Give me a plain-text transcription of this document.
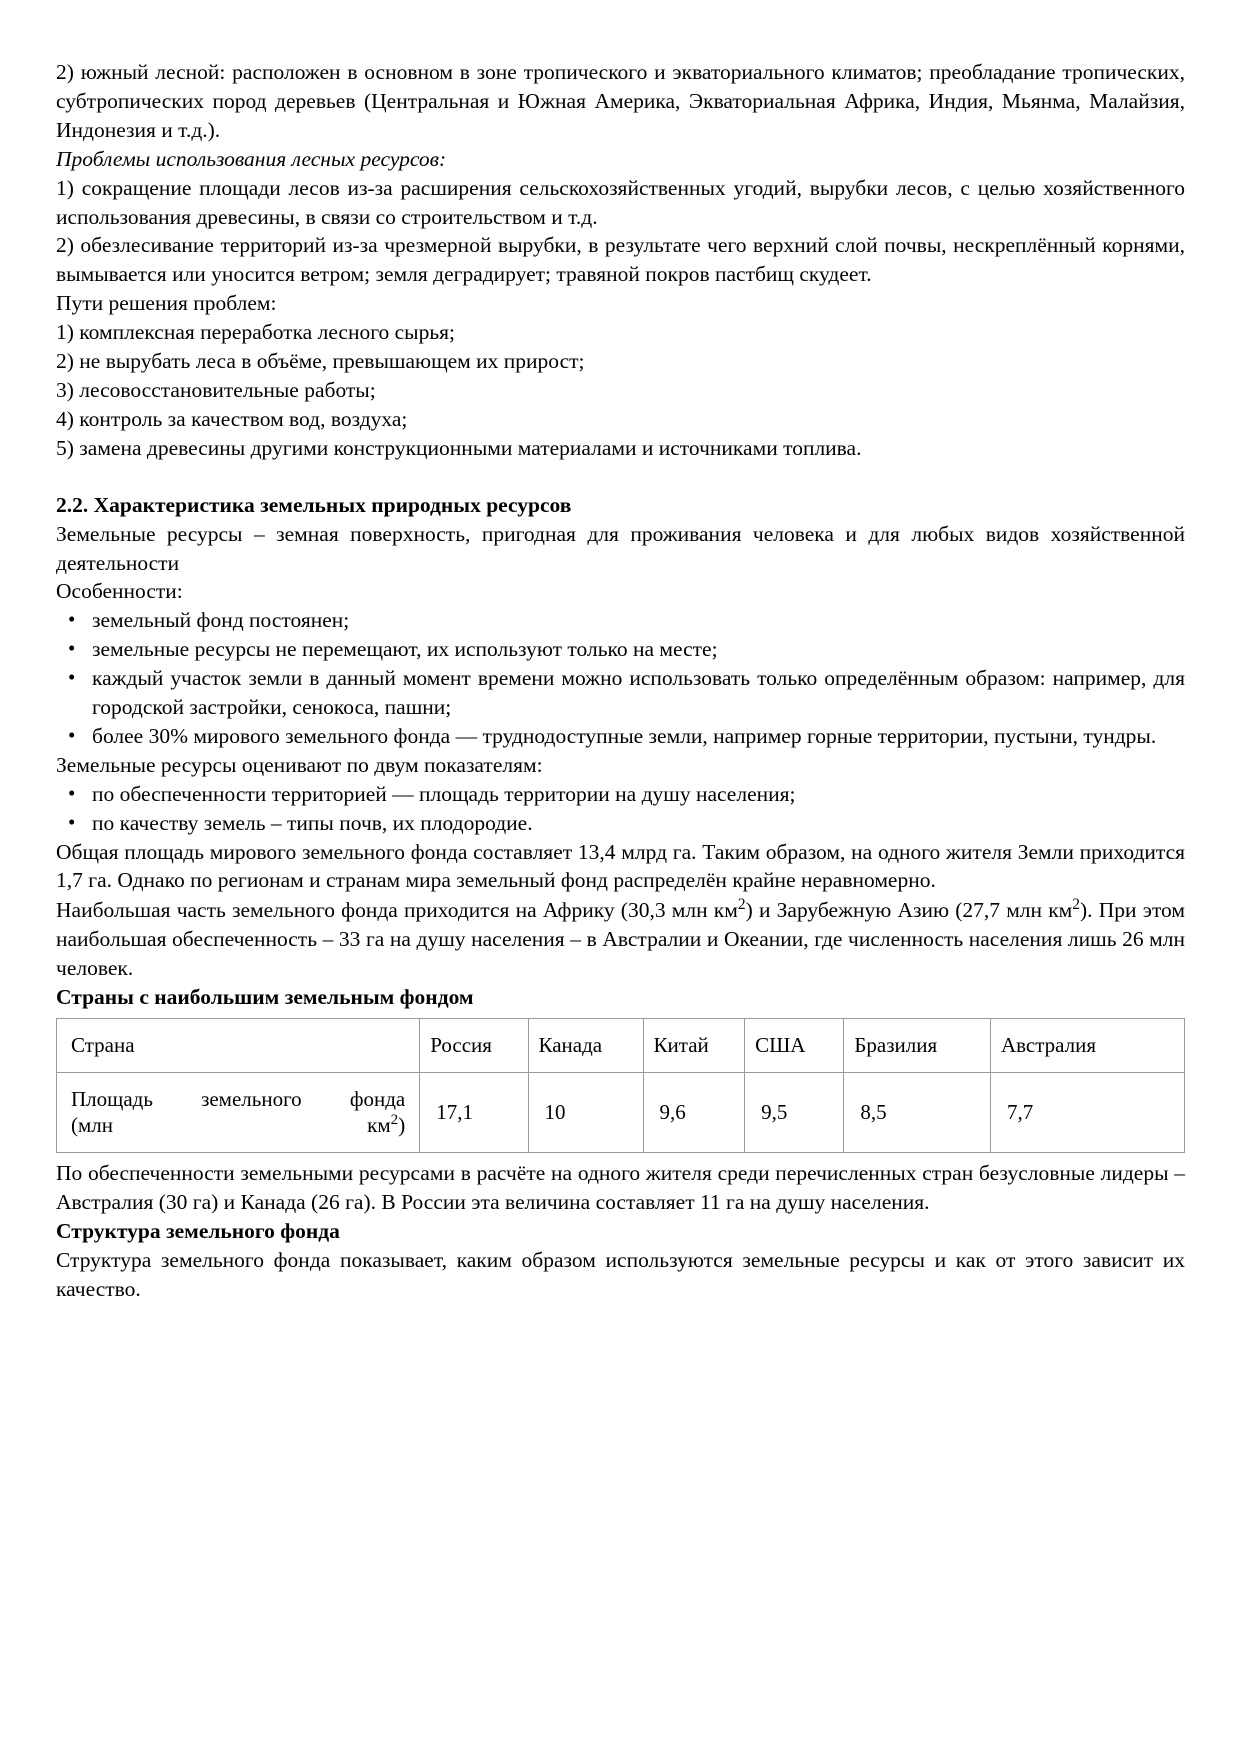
2) южный лесной: расположен в основном в зоне тропического и экваториального климатов; преобладание тропических, субтропических пород деревьев (Центральная и Южная Америка, Экваториальная Африка, Индия, Мьянма, Малайзия, Индонезия и т.д.).
Проблемы использования лесных ресурсов:
1) сокращение площади лесов из-за расширения сельскохозяйственных угодий, вырубки лесов, с целью хозяйственного использования древесины, в связи со строительством и т.д.
2) обезлесивание территорий из-за чрезмерной вырубки, в результате чего верхний слой почвы, нескреплённый корнями, вымывается или уносится ветром; земля деградирует; травяной покров пастбищ скудеет.
Пути решения проблем:
1) комплексная переработка лесного сырья;
2) не вырубать леса в объёме, превышающем их прирост;
3) лесовосстановительные работы;
4) контроль за качеством вод, воздуха;
5) замена древесины другими конструкционными материалами и источниками топлива.
2.2. Характеристика земельных природных ресурсов
Земельные ресурсы – земная поверхность, пригодная для проживания человека и для любых видов хозяйственной деятельности
Особенности:
• земельный фонд постоянен;
• земельные ресурсы не перемещают, их используют только на месте;
• каждый участок земли в данный момент времени можно использовать только определённым образом: например, для городской застройки, сенокоса, пашни;
• более 30% мирового земельного фонда — труднодоступные земли, например горные территории, пустыни, тундры.
Земельные ресурсы оценивают по двум показателям:
• по обеспеченности территорией — площадь территории на душу населения;
• по качеству земель – типы почв, их плодородие.
Общая площадь мирового земельного фонда составляет 13,4 млрд га. Таким образом, на одного жителя Земли приходится 1,7 га. Однако по регионам и странам мира земельный фонд распределён крайне неравномерно.
Наибольшая часть земельного фонда приходится на Африку (30,3 млн $км^2$) и Зарубежную Азию (27,7 млн $км^2$). При этом наибольшая обеспеченность – 33 га на душу населения – в Австралии и Океании, где численность населения лишь 26 млн человек.
Страны с наибольшим земельным фондом
Страна	Россия	Канада	Китай	США	Бразилия	Австралия
Площадь земельного фонда
(млн $км^2$)	17,1	10	9,6	9,5	8,5	7,7
По обеспеченности земельными ресурсами в расчёте на одного жителя среди перечисленных стран безусловные лидеры – Австралия (30 га) и Канада (26 га). В России эта величина составляет 11 га на душу населения.
Структура земельного фонда
Структура земельного фонда показывает, каким образом используются земельные ресурсы и как от этого зависит их качество.
